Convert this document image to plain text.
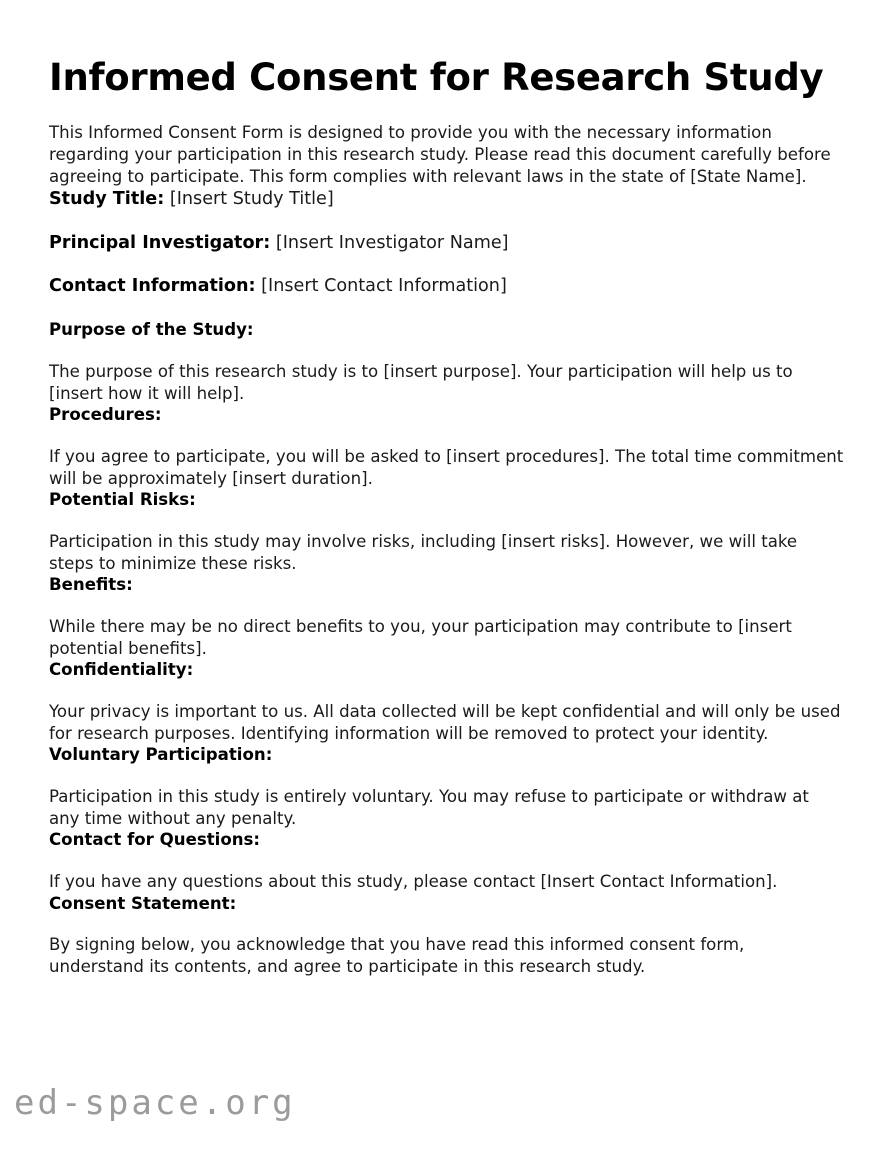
Informed Consent for Research Study

This Informed Consent Form is designed to provide you with the necessary information regarding your participation in this research study. Please read this document carefully before agreeing to participate. This form complies with relevant laws in the state of [State Name].

Study Title: [Insert Study Title]
Principal Investigator: [Insert Investigator Name]
Contact Information: [Insert Contact Information]
Purpose of the Study:

The purpose of this research study is to [insert purpose]. Your participation will help us to [insert how it will help].

Procedures:

If you agree to participate, you will be asked to [insert procedures]. The total time commitment will be approximately [insert duration].

Potential Risks:

Participation in this study may involve risks, including [insert risks]. However, we will take steps to minimize these risks.

Benefits:

While there may be no direct benefits to you, your participation may contribute to [insert potential benefits].

Confidentiality:

Your privacy is important to us. All data collected will be kept confidential and will only be used for research purposes. Identifying information will be removed to protect your identity.

Voluntary Participation:

Participation in this study is entirely voluntary. You may refuse to participate or withdraw at any time without any penalty.

Contact for Questions:

If you have any questions about this study, please contact [Insert Contact Information].

Consent Statement:

By signing below, you acknowledge that you have read this informed consent form, understand its contents, and agree to participate in this research study.

ed-space.org
